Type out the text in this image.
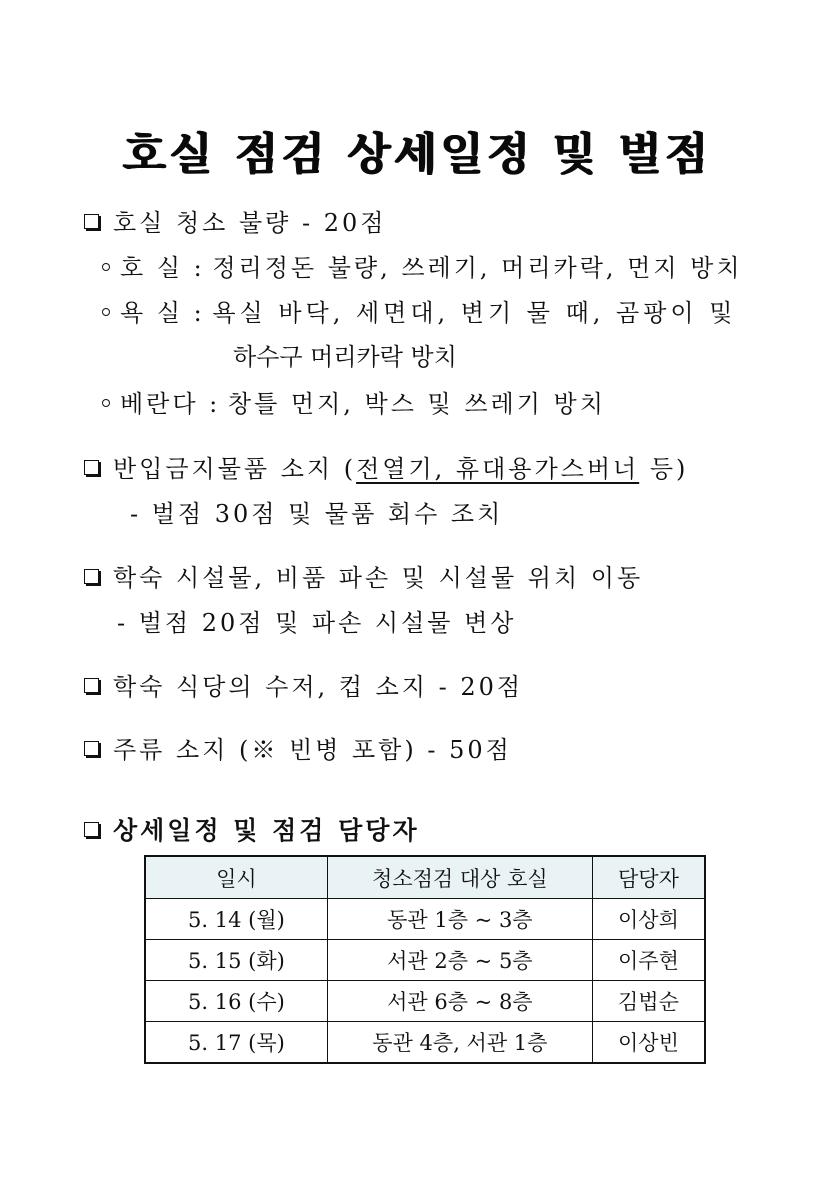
호실 점검 상세일정 및 벌점
호실 청소 불량 - 20점
호 실 : 정리정돈 불량, 쓰레기, 머리카락, 먼지 방치
욕 실 : 욕실 바닥, 세면대, 변기 물 때, 곰팡이 및
하수구 머리카락 방치
베란다 : 창틀 먼지, 박스 및 쓰레기 방치
반입금지물품 소지 (전열기, 휴대용가스버너 등)
- 벌점 30점 및 물품 회수 조치
학숙 시설물, 비품 파손 및 시설물 위치 이동
- 벌점 20점 및 파손 시설물 변상
학숙 식당의 수저, 컵 소지 - 20점
주류 소지 (※ 빈병 포함) - 50점
상세일정 및 점검 담당자
일시	청소점검 대상 호실	담당자
5. 14 (월)	동관 1층 ~ 3층	이상희
5. 15 (화)	서관 2층 ~ 5층	이주현
5. 16 (수)	서관 6층 ~ 8층	김법순
5. 17 (목)	동관 4층, 서관 1층	이상빈
